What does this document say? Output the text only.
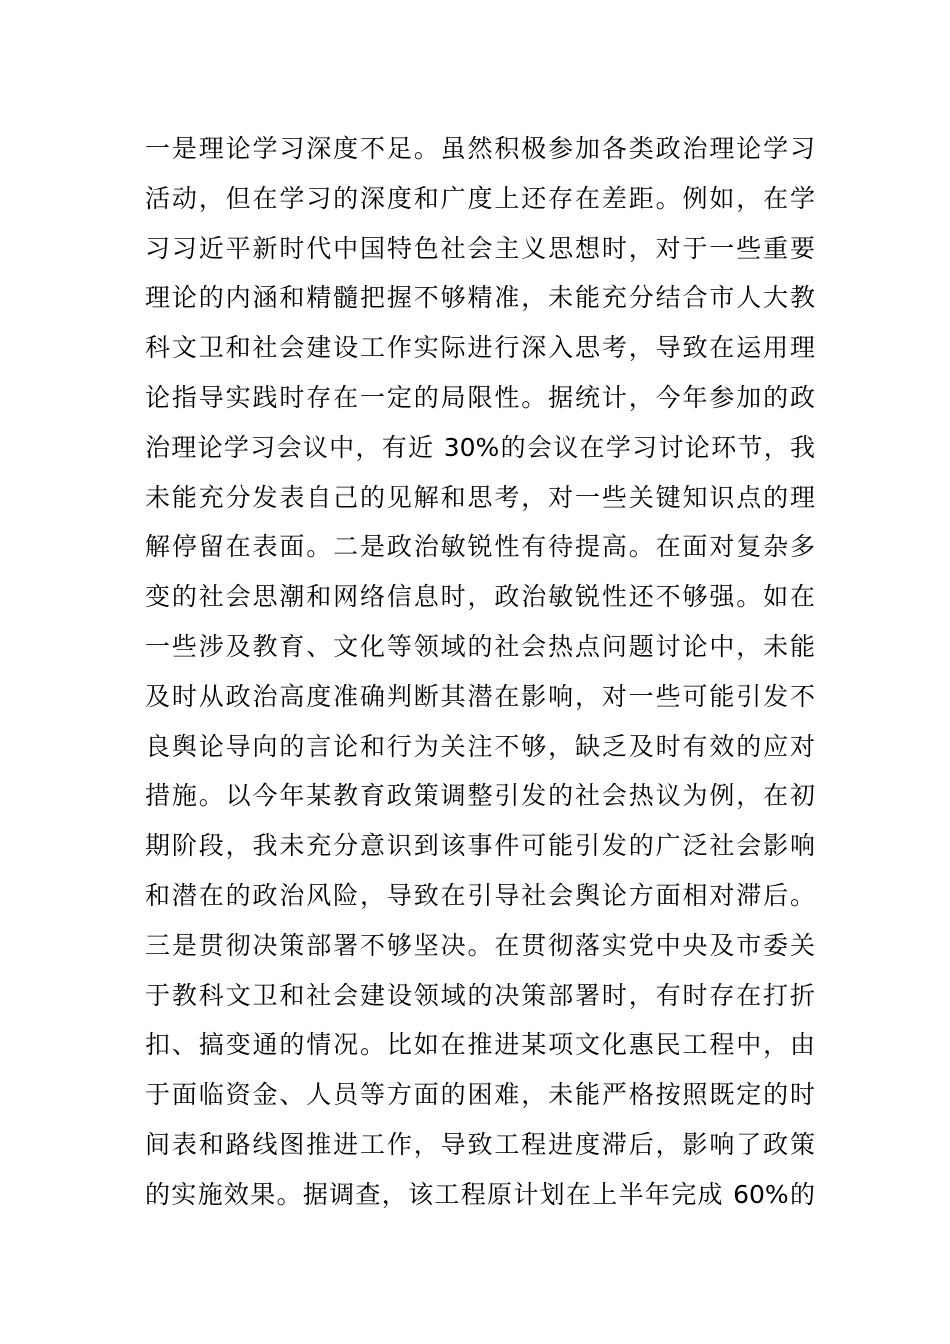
一是理论学习深度不足。虽然积极参加各类政治理论学习
活动，但在学习的深度和广度上还存在差距。例如，在学
习习近平新时代中国特色社会主义思想时，对于一些重要
理论的内涵和精髓把握不够精准，未能充分结合市人大教
科文卫和社会建设工作实际进行深入思考，导致在运用理
论指导实践时存在一定的局限性。据统计，今年参加的政
治理论学习会议中，有近 30%的会议在学习讨论环节，我
未能充分发表自己的见解和思考，对一些关键知识点的理
解停留在表面。二是政治敏锐性有待提高。在面对复杂多
变的社会思潮和网络信息时，政治敏锐性还不够强。如在
一些涉及教育、文化等领域的社会热点问题讨论中，未能
及时从政治高度准确判断其潜在影响，对一些可能引发不
良舆论导向的言论和行为关注不够，缺乏及时有效的应对
措施。以今年某教育政策调整引发的社会热议为例，在初
期阶段，我未充分意识到该事件可能引发的广泛社会影响
和潜在的政治风险，导致在引导社会舆论方面相对滞后。
三是贯彻决策部署不够坚决。在贯彻落实党中央及市委关
于教科文卫和社会建设领域的决策部署时，有时存在打折
扣、搞变通的情况。比如在推进某项文化惠民工程中，由
于面临资金、人员等方面的困难，未能严格按照既定的时
间表和路线图推进工作，导致工程进度滞后，影响了政策
的实施效果。据调查，该工程原计划在上半年完成 60%的
